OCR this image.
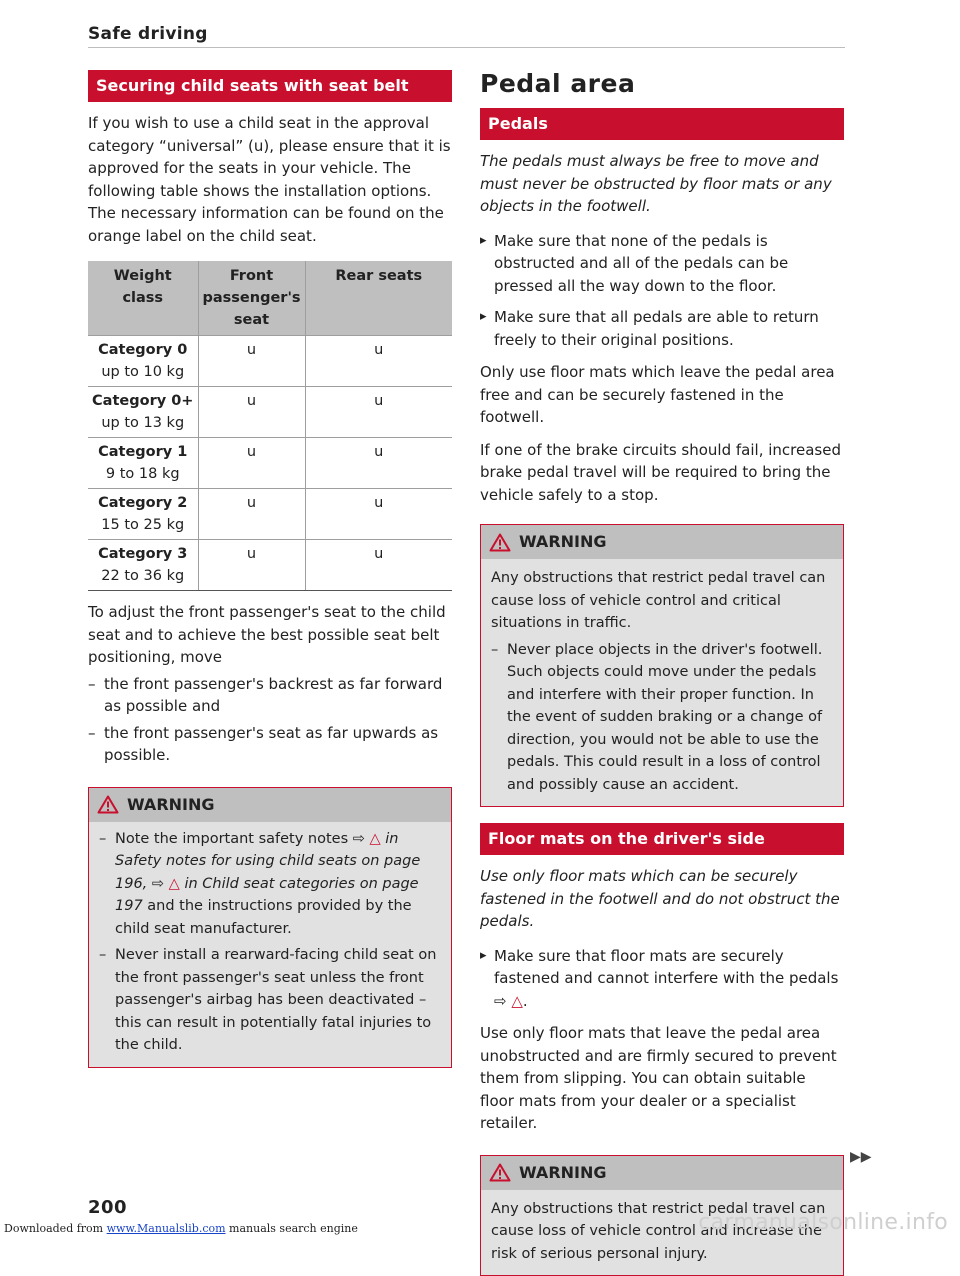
Safe driving
Securing child seats with seat belt

If you wish to use a child seat in the approval category “universal” (u), please ensure that it is approved for the seats in your vehicle. The following table shows the installation options. The necessary information can be found on the orange label on the child seat.

Weight class	Front passenger's seat	Rear seats

Category 0
up to 10 kg	u	u

Category 0+
up to 13 kg	u	u

Category 1
9 to 18 kg	u	u

Category 2
15 to 25 kg	u	u

Category 3
22 to 36 kg	u	u

To adjust the front passenger's seat to the child seat and to achieve the best possible seat belt positioning, move

– the front passenger's backrest as far forward as possible and
– the front passenger's seat as far upwards as possible.
WARNING
– Note the important safety notes ⇨ △ in Safety notes for using child seats on page 196, ⇨ △ in Child seat categories on page 197 and the instructions provided by the child seat manufacturer.
– Never install a rearward-facing child seat on the front passenger's seat unless the front passenger's airbag has been deactivated – this can result in potentially fatal injuries to the child.
Pedal area
Pedals

The pedals must always be free to move and must never be obstructed by floor mats or any objects in the footwell.

▸ Make sure that none of the pedals is obstructed and all of the pedals can be pressed all the way down to the floor.
▸ Make sure that all pedals are able to return freely to their original positions.

Only use floor mats which leave the pedal area free and can be securely fastened in the footwell.

If one of the brake circuits should fail, increased brake pedal travel will be required to bring the vehicle safely to a stop.

WARNING

Any obstructions that restrict pedal travel can cause loss of vehicle control and critical situations in traffic.

– Never place objects in the driver's footwell. Such objects could move under the pedals and interfere with their proper function. In the event of sudden braking or a change of direction, you would not be able to use the pedals. This could result in a loss of control and possibly cause an accident.
Floor mats on the driver's side

Use only floor mats which can be securely fastened in the footwell and do not obstruct the pedals.

▸ Make sure that floor mats are securely fastened and cannot interfere with the pedals ⇨ △.

Use only floor mats that leave the pedal area unobstructed and are firmly secured to prevent them from slipping. You can obtain suitable floor mats from your dealer or a specialist retailer.

WARNING

Any obstructions that restrict pedal travel can cause loss of vehicle control and increase the risk of serious personal injury.

▶▶
200
Downloaded from www.Manualslib.com manuals search engine	carmanualsonline.info
